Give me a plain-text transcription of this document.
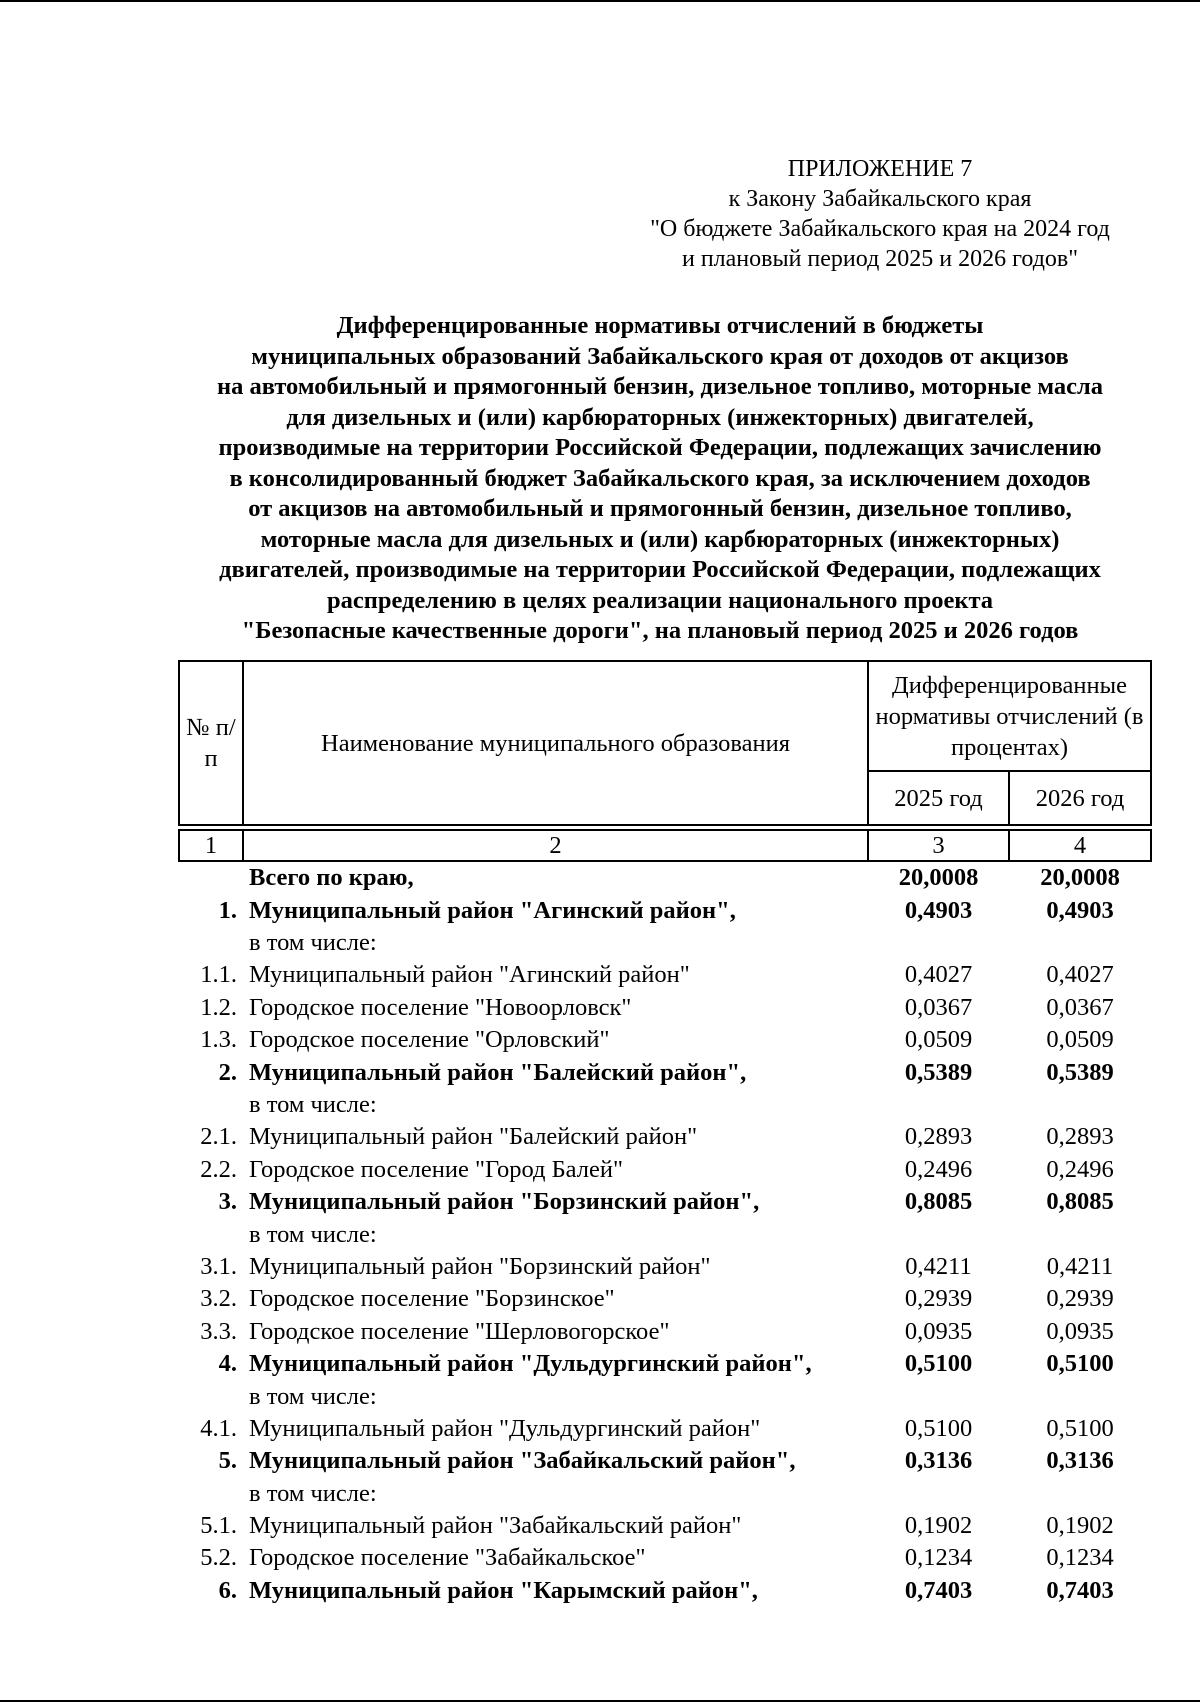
ПРИЛОЖЕНИЕ 7
к Закону Забайкальского края
"О бюджете Забайкальского края на 2024 год
и плановый период 2025 и 2026 годов"
Дифференцированные нормативы отчислений в бюджеты
муниципальных образований Забайкальского края от доходов от акцизов
на автомобильный и прямогонный бензин, дизельное топливо, моторные масла
для дизельных и (или) карбюраторных (инжекторных) двигателей,
производимые на территории Российской Федерации, подлежащих зачислению
в консолидированный бюджет Забайкальского края, за исключением доходов
от акцизов на автомобильный и прямогонный бензин, дизельное топливо,
моторные масла для дизельных и (или) карбюраторных (инжекторных)
двигателей, производимые на территории Российской Федерации, подлежащих
распределению в целях реализации национального проекта
"Безопасные качественные дороги", на плановый период 2025 и 2026 годов
№ п/п	Наименование муниципального образования	Дифференцированные нормативы отчислений (в процентах)	
		2025 год	2026 год

1	2	3	4
	Всего по краю,	20,0008	20,0008
1.	Муниципальный район "Агинский район",	0,4903	0,4903
	в том числе:		
1.1.	Муниципальный район "Агинский район"	0,4027	0,4027
1.2.	Городское поселение "Новоорловск"	0,0367	0,0367
1.3.	Городское поселение "Орловский"	0,0509	0,0509
2.	Муниципальный район "Балейский район",	0,5389	0,5389
	в том числе:		
2.1.	Муниципальный район "Балейский район"	0,2893	0,2893
2.2.	Городское поселение "Город Балей"	0,2496	0,2496
3.	Муниципальный район "Борзинский район",	0,8085	0,8085
	в том числе:		
3.1.	Муниципальный район "Борзинский район"	0,4211	0,4211
3.2.	Городское поселение "Борзинское"	0,2939	0,2939
3.3.	Городское поселение "Шерловогорское"	0,0935	0,0935
4.	Муниципальный район "Дульдургинский район",	0,5100	0,5100
	в том числе:		
4.1.	Муниципальный район "Дульдургинский район"	0,5100	0,5100
5.	Муниципальный район "Забайкальский район",	0,3136	0,3136
	в том числе:		
5.1.	Муниципальный район "Забайкальский район"	0,1902	0,1902
5.2.	Городское поселение "Забайкальское"	0,1234	0,1234
6.	Муниципальный район "Карымский район",	0,7403	0,7403
